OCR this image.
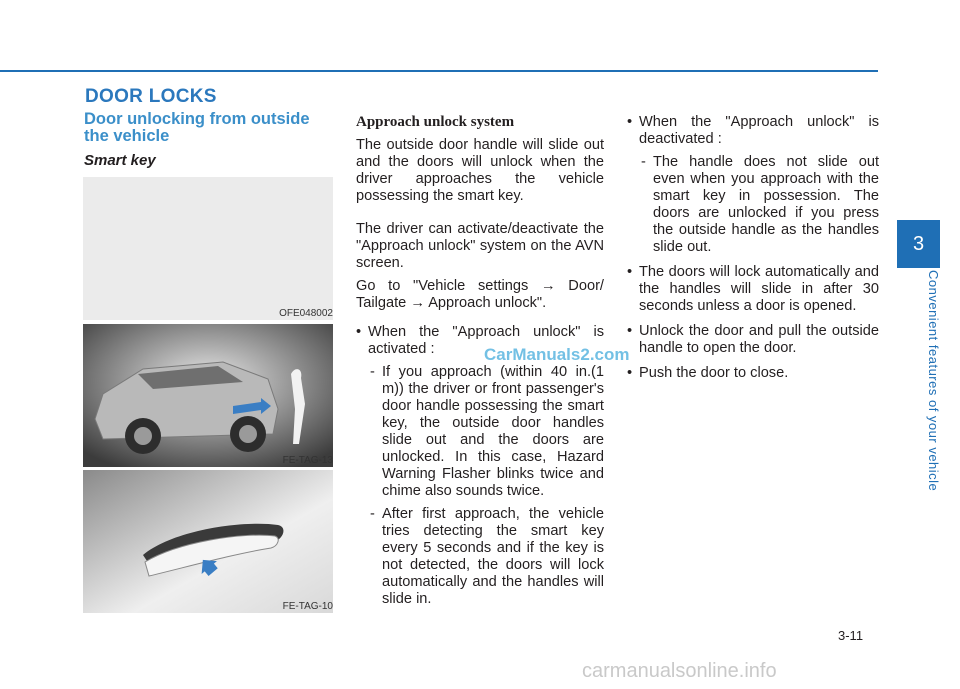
DOOR LOCKS
Door unlocking from outside the vehicle
Smart key
OFE048002
FE-TAG-13
FE-TAG-10
Approach unlock system

The outside door handle will slide out and the doors will unlock when the driver approaches the vehicle possessing the smart key.

The driver can activate/deactivate the "Approach unlock" system on the AVN screen.

Go to "Vehicle settings → Door/ Tailgate → Approach unlock".

• When the "Approach unlock" is activated :
- If you approach (within 40 in.(1 m)) the driver or front passenger's door handle possessing the smart key, the outside door handles slide out and the doors are unlocked. In this case, Hazard Warning Flasher blinks twice and chime also sounds twice.
- After first approach, the vehicle tries detecting the smart key every 5 seconds and if the key is not detected, the doors will lock automatically and the handles will slide in.
• When the "Approach unlock" is deactivated :
- The handle does not slide out even when you approach with the smart key in possession. The doors are unlocked if you press the outside handle as the handles slide out.
• The doors will lock automatically and the handles will slide in after 30 seconds unless a door is opened.
• Unlock the door and pull the outside handle to open the door.
• Push the door to close.
CarManuals2.com
3
Convenient features of your vehicle
3-11
carmanualsonline.info
